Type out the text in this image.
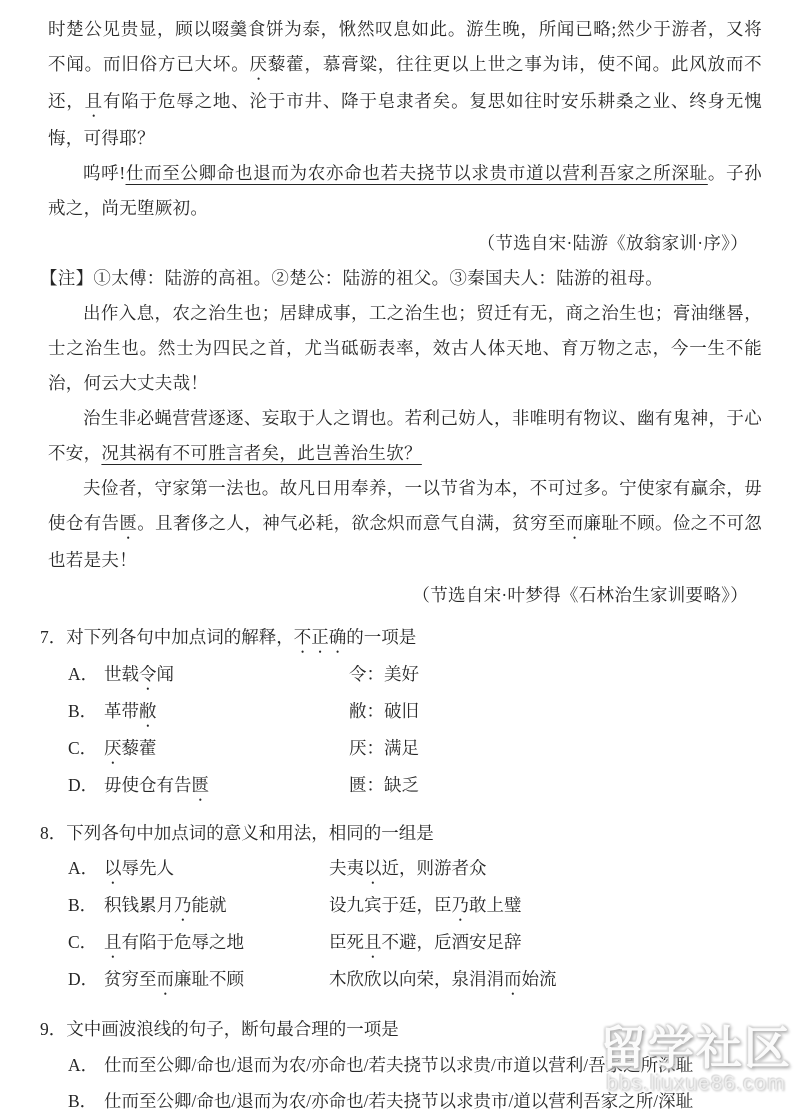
时楚公见贵显，顾以啜羹食饼为泰，愀然叹息如此。游生晚，所闻已略;然少于游者，又将不闻。而旧俗方已大坏。厌藜藿，慕膏粱，往往更以上世之事为讳，使不闻。此风放而不还，且有陷于危辱之地、沦于市井、降于皂隶者矣。复思如往时安乐耕桑之业、终身无愧悔，可得耶？

呜呼!仕而至公卿命也退而为农亦命也若夫挠节以求贵市道以营利吾家之所深耻。子孙戒之，尚无堕厥初。

（节选自宋·陆游《放翁家训·序》）

【注】①太傅：陆游的高祖。②楚公：陆游的祖父。③秦国夫人：陆游的祖母。

出作入息，农之治生也；居肆成事，工之治生也；贸迁有无，商之治生也；膏油继晷，士之治生也。然士为四民之首，尤当砥砺表率，效古人体天地、育万物之志，今一生不能治，何云大丈夫哉！

治生非必蝇营营逐逐、妄取于人之谓也。若利己妨人，非唯明有物议、幽有鬼神，于心不安，况其祸有不可胜言者矣，此岂善治生欤？

夫俭者，守家第一法也。故凡日用奉养，一以节省为本，不可过多。宁使家有赢余，毋使仓有告匮。且奢侈之人，神气必耗，欲念炽而意气自满，贫穷至而廉耻不顾。俭之不可忽也若是夫！

（节选自宋·叶梦得《石林治生家训要略》）

7．对下列各句中加点词的解释，不正确的一项是

A． 世载令闻	令：美好
B． 革带敝	敝：破旧
C． 厌藜藿	厌：满足
D． 毋使仓有告匮	匮：缺乏

8．下列各句中加点词的意义和用法，相同的一组是

A． 以辱先人	夫夷以近，则游者众
B． 积钱累月乃能就	设九宾于廷，臣乃敢上璧
C． 且有陷于危辱之地	臣死且不避，卮酒安足辞
D． 贫穷至而廉耻不顾	木欣欣以向荣，泉涓涓而始流

9．文中画波浪线的句子，断句最合理的一项是

A． 仕而至公卿/命也/退而为农/亦命也/若夫挠节以求贵/市道以营利/吾家之所深耻
B． 仕而至公卿/命也/退而为农/亦命也/若夫挠节以求贵市/道以营利吾家之所/深耻
留学社区
bbs.liuxue86.com
